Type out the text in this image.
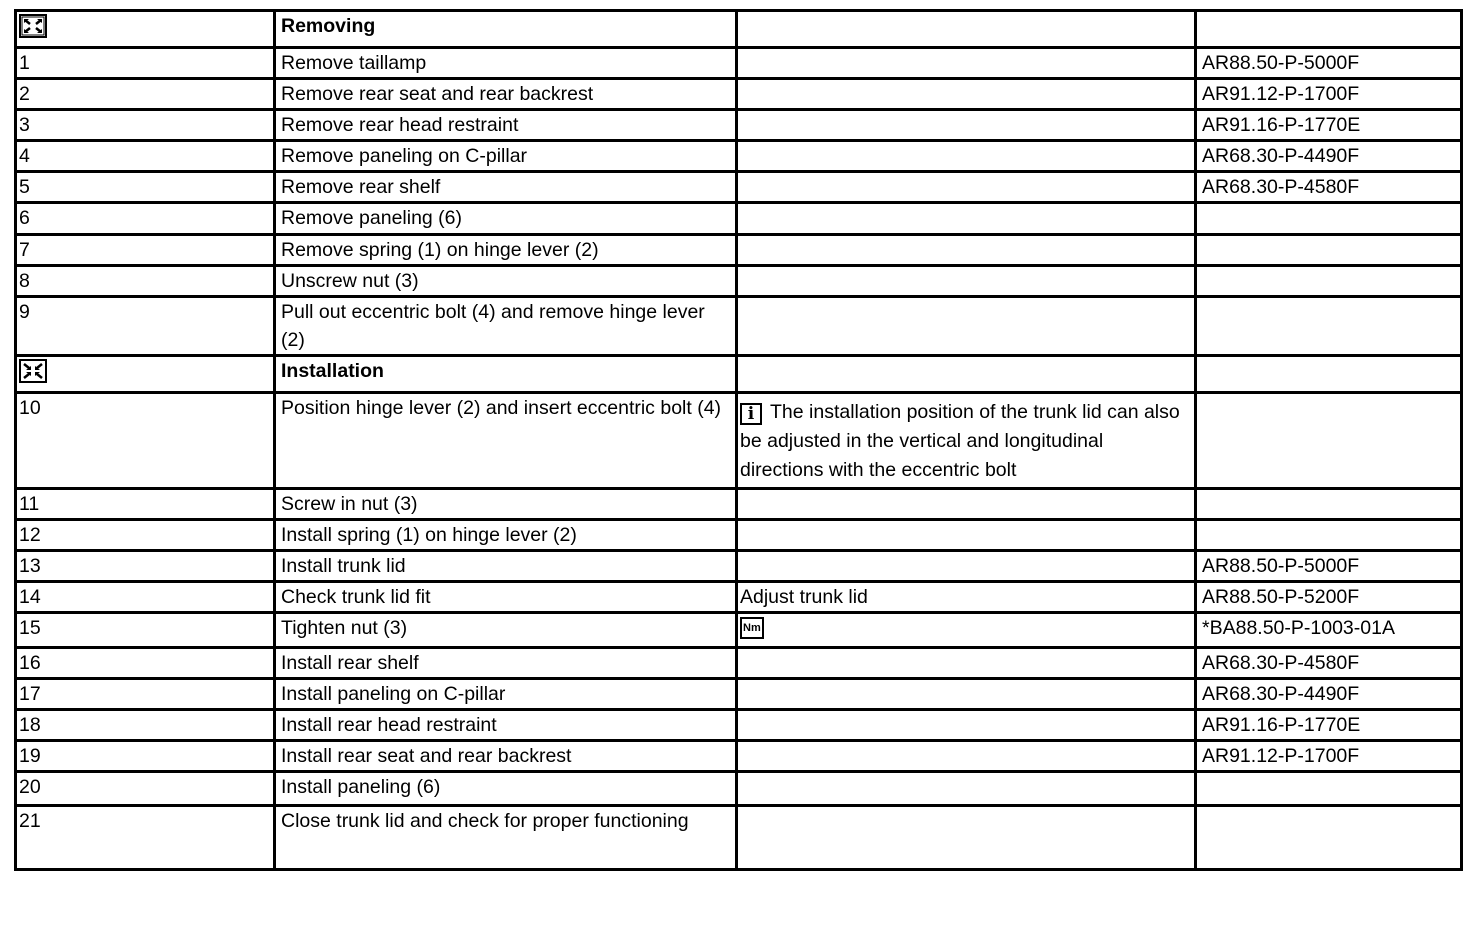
	Removing		
1	Remove taillamp		AR88.50-P-5000F
2	Remove rear seat and rear backrest		AR91.12-P-1700F
3	Remove rear head restraint		AR91.16-P-1770E
4	Remove paneling on C-pillar		AR68.30-P-4490F
5	Remove rear shelf		AR68.30-P-4580F
6	Remove paneling (6)		
7	Remove spring (1) on hinge lever (2)		
8	Unscrew nut (3)		
9	Pull out eccentric bolt (4) and remove hinge lever (2)		
	Installation		
10	Position hinge lever (2) and insert eccentric bolt (4)	i The installation position of the trunk lid can also be adjusted in the vertical and longitudinal directions with the eccentric bolt	
11	Screw in nut (3)		
12	Install spring (1) on hinge lever (2)		
13	Install trunk lid		AR88.50-P-5000F
14	Check trunk lid fit	Adjust trunk lid	AR88.50-P-5200F
15	Tighten nut (3)	Nm	*BA88.50-P-1003-01A
16	Install rear shelf		AR68.30-P-4580F
17	Install paneling on C-pillar		AR68.30-P-4490F
18	Install rear head restraint		AR91.16-P-1770E
19	Install rear seat and rear backrest		AR91.12-P-1700F
20	Install paneling (6)		
21	Close trunk lid and check for proper functioning		
